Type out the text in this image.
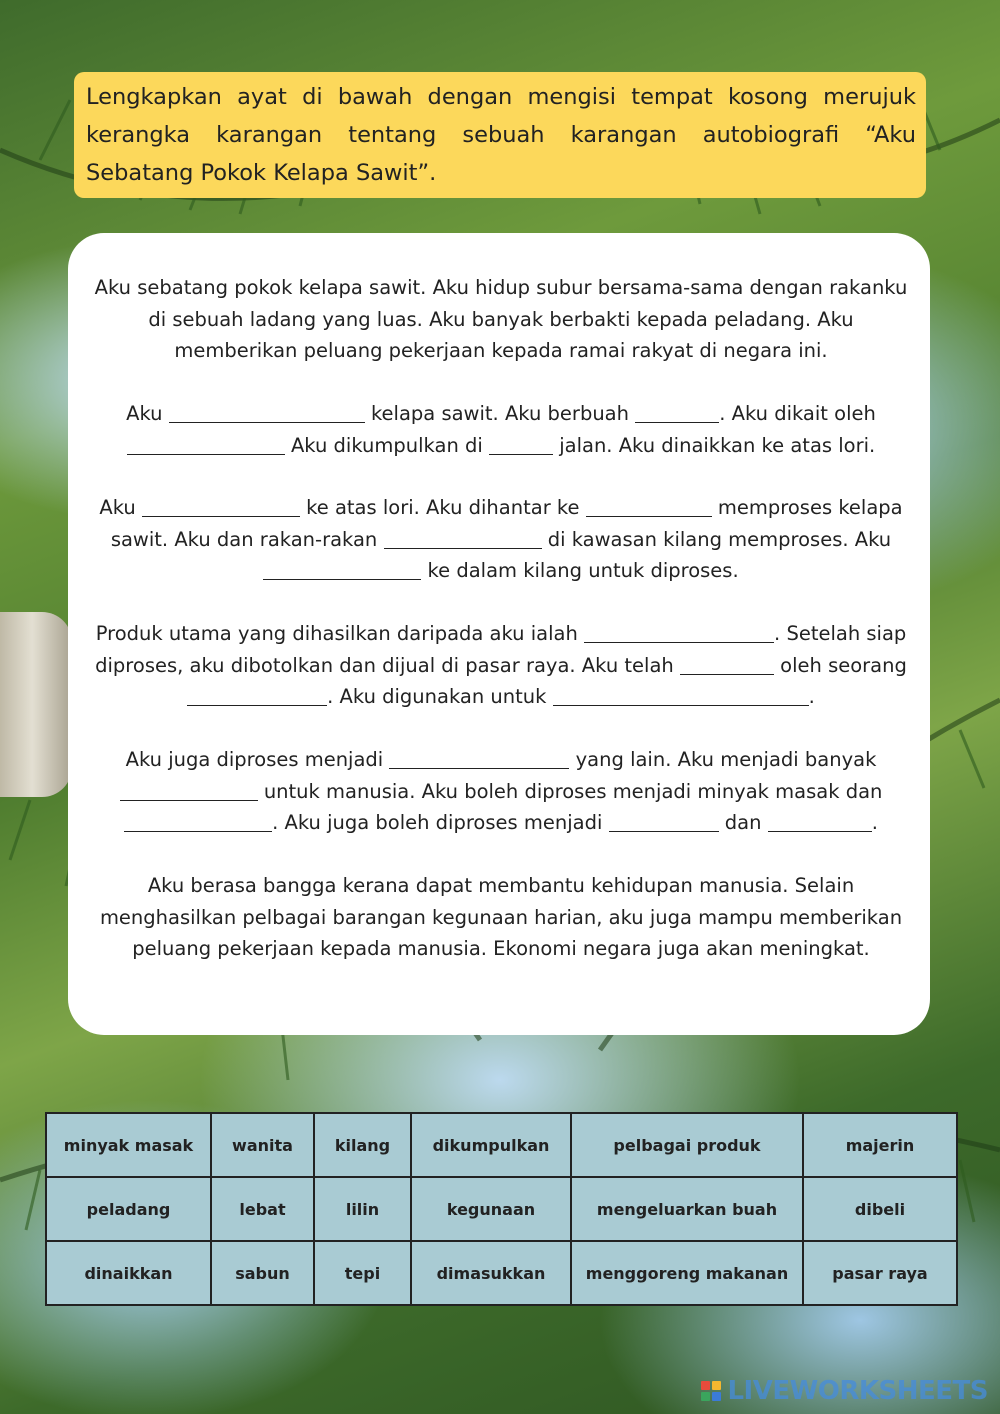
Lengkapkan ayat di bawah dengan mengisi tempat kosong merujuk kerangka karangan tentang sebuah karangan autobiografi “Aku Sebatang Pokok Kelapa Sawit”.

Aku sebatang pokok kelapa sawit. Aku hidup subur bersama-sama dengan rakanku di sebuah ladang yang luas. Aku banyak berbakti kepada peladang. Aku memberikan peluang pekerjaan kepada ramai rakyat di negara ini.

Aku	kelapa sawit. Aku berbuah	. Aku dikait oleh  Aku dikumpulkan di	jalan. Aku dinaikkan ke atas lori.

Aku	ke atas lori. Aku dihantar ke	memproses kelapa sawit. Aku dan rakan-rakan	di kawasan kilang memproses. Aku  ke dalam kilang untuk diproses.

Produk utama yang dihasilkan daripada aku ialah	. Setelah siap diproses, aku dibotolkan dan dijual di pasar raya. Aku telah	oleh seorang . Aku digunakan untuk	.

Aku juga diproses menjadi	yang lain. Aku menjadi banyak  untuk manusia. Aku boleh diproses menjadi minyak masak dan . Aku juga boleh diproses menjadi	dan	.

Aku berasa bangga kerana dapat membantu kehidupan manusia. Selain menghasilkan pelbagai barangan kegunaan harian, aku juga mampu memberikan peluang pekerjaan kepada manusia. Ekonomi negara juga akan meningkat.

minyak masak	wanita	kilang	dikumpulkan	pelbagai produk	majerin
peladang	lebat	lilin	kegunaan	mengeluarkan buah	dibeli
dinaikkan	sabun	tepi	dimasukkan	menggoreng makanan	pasar raya
LIVEWORKSHEETS
